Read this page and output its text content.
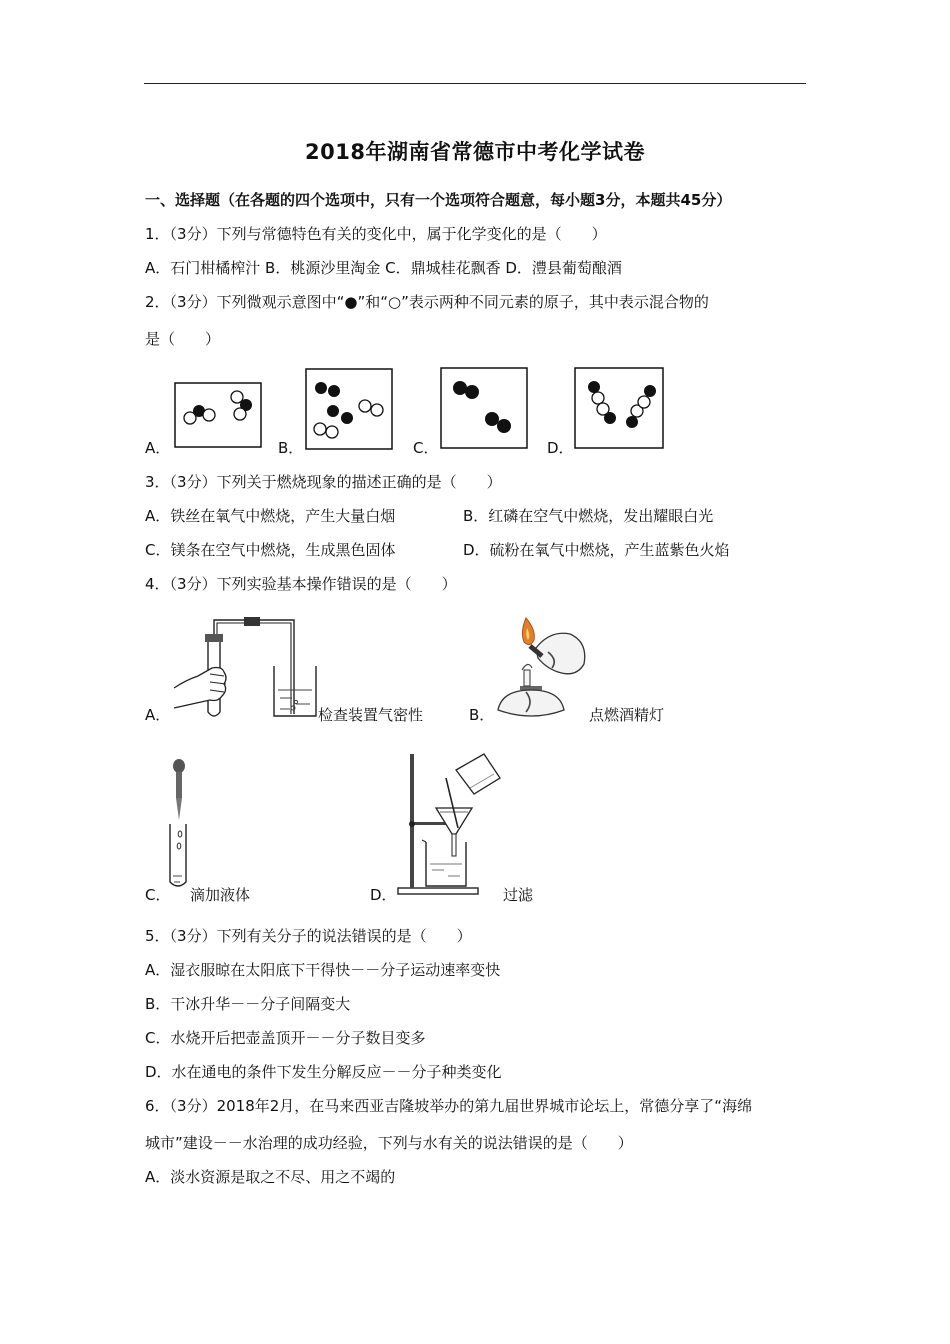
2018年湖南省常德市中考化学试卷
一、选择题（在各题的四个选项中，只有一个选项符合题意，每小题3分，本题共45分）
1．（3分）下列与常德特色有关的变化中，属于化学变化的是（　　）
A．石门柑橘榨汁 B．桃源沙里淘金 C．鼎城桂花飘香 D．澧县葡萄酿酒
2．（3分）下列微观示意图中“●”和“○”表示两种不同元素的原子，其中表示混合物的
是（　　）
A．	B．	C．	D．
3．（3分）下列关于燃烧现象的描述正确的是（　　）
A．铁丝在氧气中燃烧，产生大量白烟	B．红磷在空气中燃烧，发出耀眼白光
C．镁条在空气中燃烧，生成黑色固体	D．硫粉在氧气中燃烧，产生蓝紫色火焰
4．（3分）下列实验基本操作错误的是（　　）
A．	检查装置气密性	B．	点燃酒精灯
C． 滴加液体	D．	过滤
5．（3分）下列有关分子的说法错误的是（　　）
A．湿衣服晾在太阳底下干得快－－分子运动速率变快
B．干冰升华－－分子间隔变大
C．水烧开后把壶盖顶开－－分子数目变多
D．水在通电的条件下发生分解反应－－分子种类变化
6．（3分）2018年2月，在马来西亚吉隆坡举办的第九届世界城市论坛上，常德分享了“海绵
城市”建设－－水治理的成功经验，下列与水有关的说法错误的是（　　）
A．淡水资源是取之不尽、用之不竭的
